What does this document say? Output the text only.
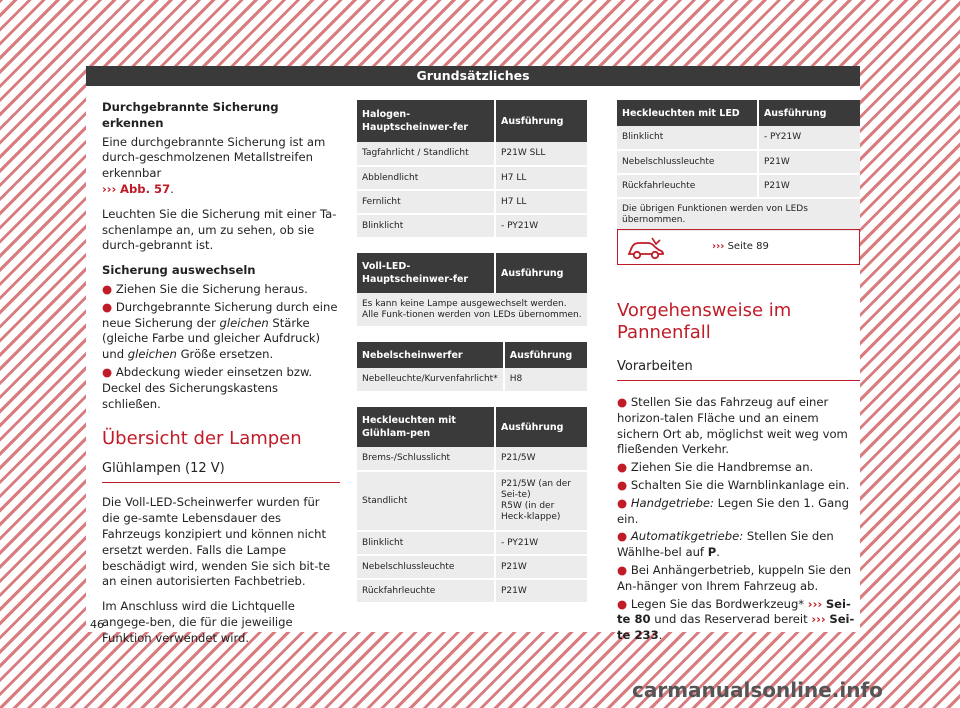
Grundsätzliches

Durchgebrannte Sicherung erkennen

Eine durchgebrannte Sicherung ist am durch-geschmolzenen Metallstreifen erkennbar
››› Abb. 57.

Leuchten Sie die Sicherung mit einer Ta-schenlampe an, um zu sehen, ob sie durch-gebrannt ist.

Sicherung auswechseln

● Ziehen Sie die Sicherung heraus.
● Durchgebrannte Sicherung durch eine neue Sicherung der gleichen Stärke (gleiche Farbe und gleicher Aufdruck) und gleichen Größe ersetzen.
● Abdeckung wieder einsetzen bzw. Deckel des Sicherungskastens schließen.
Übersicht der Lampen
Glühlampen (12 V)

Die Voll-LED-Scheinwerfer wurden für die ge-samte Lebensdauer des Fahrzeugs konzipiert und können nicht ersetzt werden. Falls die Lampe beschädigt wird, wenden Sie sich bit-te an einen autorisierten Fachbetrieb.

Im Anschluss wird die Lichtquelle angege-ben, die für die jeweilige Funktion verwendet wird.

Halogen-Hauptscheinwer-fer	Ausführung
Tagfahrlicht / Standlicht	P21W SLL
Abblendlicht	H7 LL
Fernlicht	H7 LL
Blinklicht	- PY21W
Voll-LED-Hauptscheinwer-fer	Ausführung
Es kann keine Lampe ausgewechselt werden. Alle Funk-tionen werden von LEDs übernommen.
Nebelscheinwerfer	Ausführung
Nebelleuchte/Kurvenfahrlicht*	H8
Heckleuchten mit Glühlam-pen	Ausführung
Brems-/Schlusslicht	P21/5W
Standlicht	P21/5W (an der Sei-te)
R5W (in der Heck-klappe)
Blinklicht	- PY21W
Nebelschlussleuchte	P21W
Rückfahrleuchte	P21W
Heckleuchten mit LED	Ausführung
Blinklicht	- PY21W
Nebelschlussleuchte	P21W
Rückfahrleuchte	P21W
Die übrigen Funktionen werden von LEDs übernommen.	
››› Seite 89
Vorgehensweise im Pannenfall
Vorarbeiten
● Stellen Sie das Fahrzeug auf einer horizon-talen Fläche und an einem sichern Ort ab, möglichst weit weg vom fließenden Verkehr.
● Ziehen Sie die Handbremse an.
● Schalten Sie die Warnblinkanlage ein.
● Handgetriebe: Legen Sie den 1. Gang ein.
● Automatikgetriebe: Stellen Sie den Wählhe-bel auf P.
● Bei Anhängerbetrieb, kuppeln Sie den An-hänger von Ihrem Fahrzeug ab.
● Legen Sie das Bordwerkzeug* ››› Sei-te 80 und das Reserverad bereit ››› Sei-te 233.
46
carmanualsonline.info
